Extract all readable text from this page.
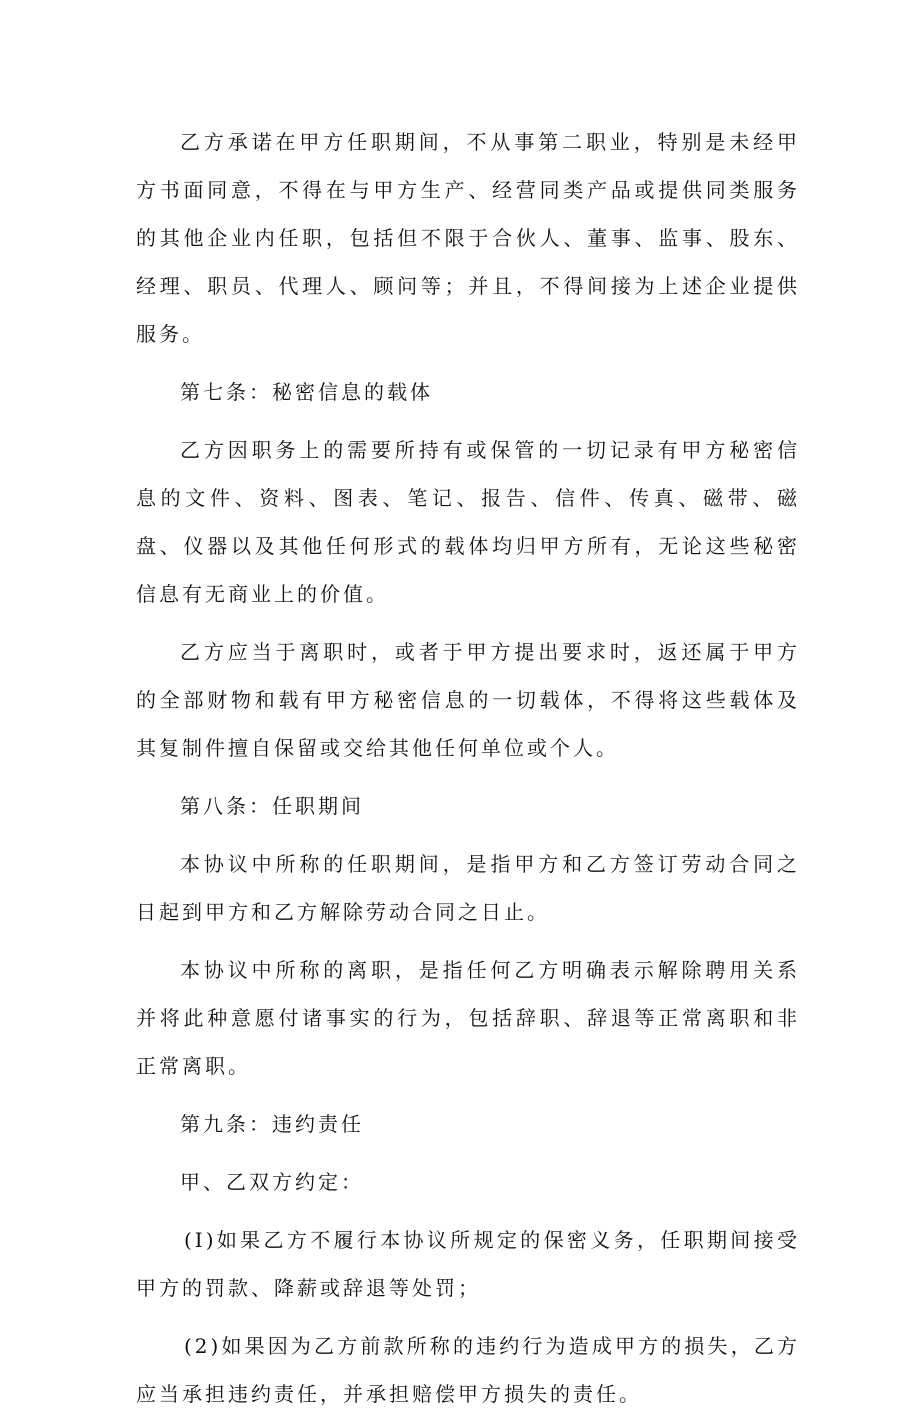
乙方承诺在甲方任职期间，不从事第二职业，特别是未经甲方书面同意，不得在与甲方生产、经营同类产品或提供同类服务的其他企业内任职，包括但不限于合伙人、董事、监事、股东、经理、职员、代理人、顾问等；并且，不得间接为上述企业提供服务。

第七条：秘密信息的载体

乙方因职务上的需要所持有或保管的一切记录有甲方秘密信息的文件、资料、图表、笔记、报告、信件、传真、磁带、磁盘、仪器以及其他任何形式的载体均归甲方所有，无论这些秘密信息有无商业上的价值。

乙方应当于离职时，或者于甲方提出要求时，返还属于甲方的全部财物和载有甲方秘密信息的一切载体，不得将这些载体及其复制件擅自保留或交给其他任何单位或个人。

第八条：任职期间

本协议中所称的任职期间，是指甲方和乙方签订劳动合同之日起到甲方和乙方解除劳动合同之日止。

本协议中所称的离职，是指任何乙方明确表示解除聘用关系并将此种意愿付诸事实的行为，包括辞职、辞退等正常离职和非正常离职。

第九条：违约责任

甲、乙双方约定：

(I)如果乙方不履行本协议所规定的保密义务，任职期间接受甲方的罚款、降薪或辞退等处罚；

(2)如果因为乙方前款所称的违约行为造成甲方的损失，乙方应当承担违约责任，并承担赔偿甲方损失的责任。
